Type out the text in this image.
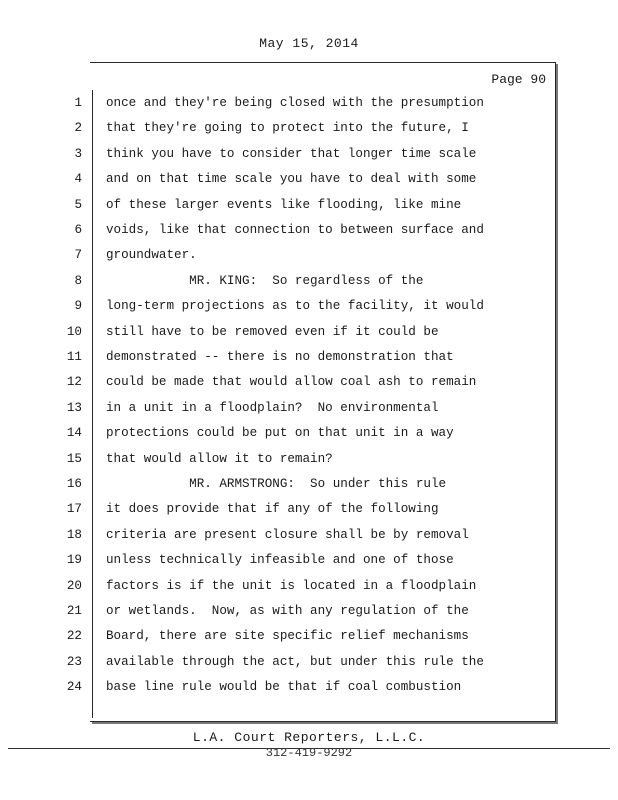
May 15, 2014
Page 90
1 once and they're being closed with the presumption
2 that they're going to protect into the future, I
3 think you have to consider that longer time scale
4 and on that time scale you have to deal with some
5 of these larger events like flooding, like mine
6 voids, like that connection to between surface and
7 groundwater.
8 MR. KING:  So regardless of the
9 long-term projections as to the facility, it would
10 still have to be removed even if it could be
11 demonstrated -- there is no demonstration that
12 could be made that would allow coal ash to remain
13 in a unit in a floodplain?  No environmental
14 protections could be put on that unit in a way
15 that would allow it to remain?
16 MR. ARMSTRONG:  So under this rule
17 it does provide that if any of the following
18 criteria are present closure shall be by removal
19 unless technically infeasible and one of those
20 factors is if the unit is located in a floodplain
21 or wetlands.  Now, as with any regulation of the
22 Board, there are site specific relief mechanisms
23 available through the act, but under this rule the
24 base line rule would be that if coal combustion
L.A. Court Reporters, L.L.C.
312-419-9292
